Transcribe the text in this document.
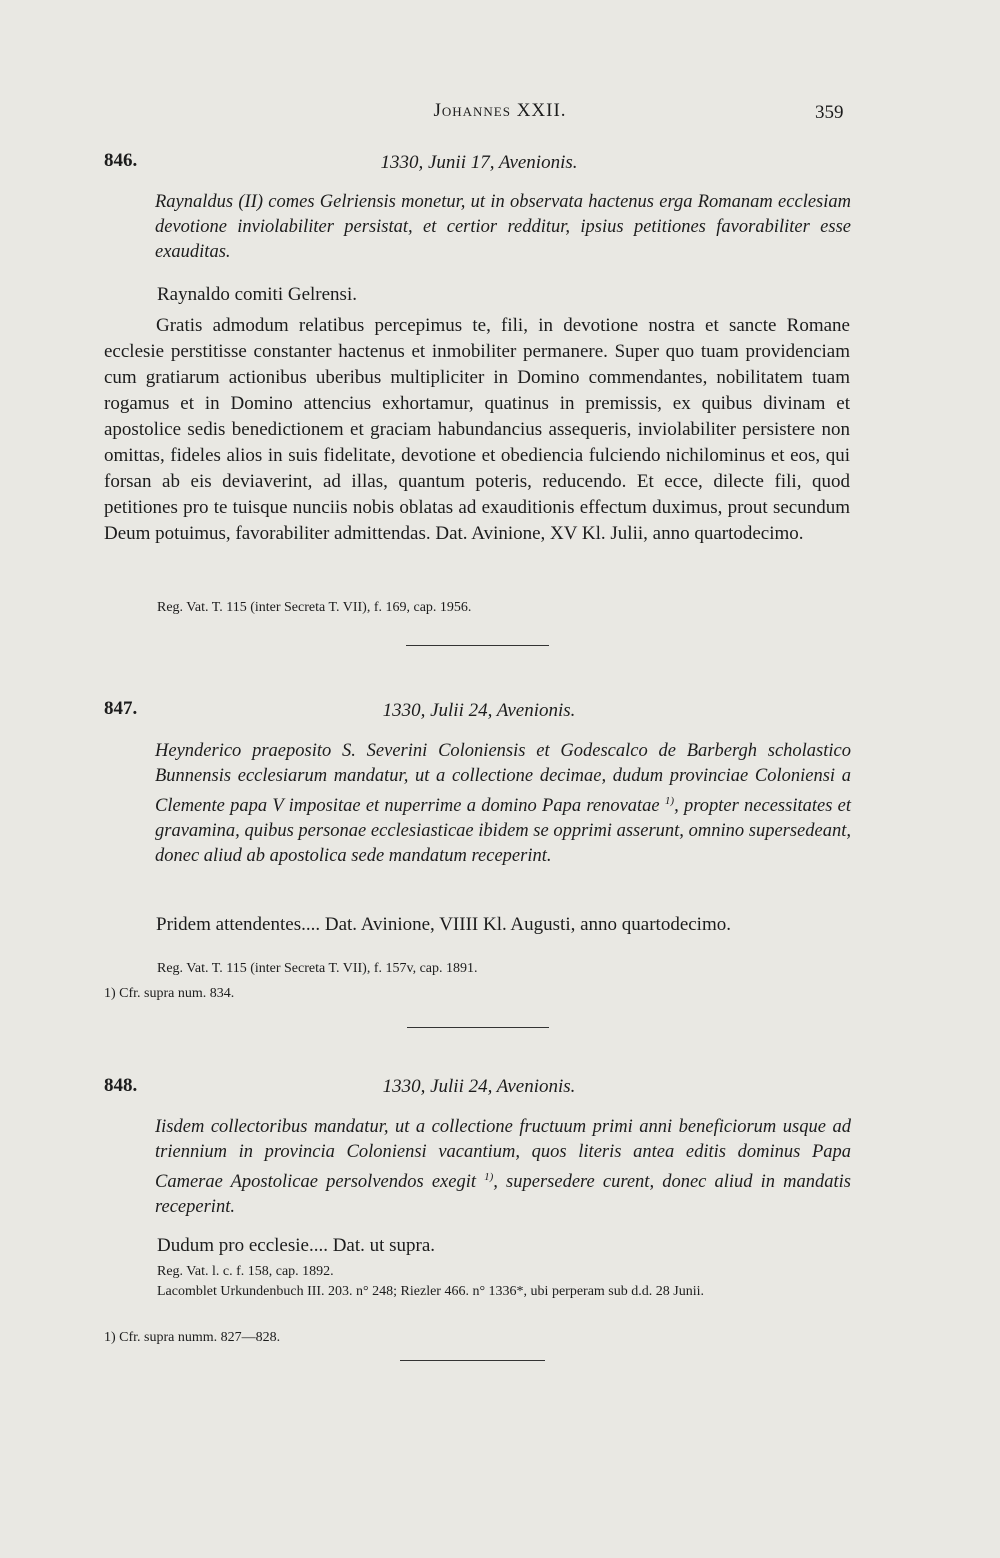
Johannes XXII.	359
846.	1330, Junii 17, Avenionis.

Raynaldus (II) comes Gelriensis monetur, ut in observata hactenus erga Romanam ecclesiam devotione inviolabiliter persistat, et certior redditur, ipsius petitiones favorabiliter esse exauditas.

Raynaldo comiti Gelrensi.

Gratis admodum relatibus percepimus te, fili, in devotione nostra et sancte Romane ecclesie perstitisse constanter hactenus et inmobiliter permanere. Super quo tuam providenciam cum gratiarum actionibus uberibus multipliciter in Domino commendantes, nobilitatem tuam rogamus et in Domino attencius exhortamur, quatinus in premissis, ex quibus divinam et apostolice sedis benedictionem et graciam habundancius assequeris, inviolabiliter persistere non omittas, fideles alios in suis fidelitate, devotione et obediencia fulciendo nichilominus et eos, qui forsan ab eis deviaverint, ad illas, quantum poteris, reducendo. Et ecce, dilecte fili, quod petitiones pro te tuisque nunciis nobis oblatas ad exauditionis effectum duximus, prout secundum Deum potuimus, favorabiliter admittendas. Dat. Avinione, XV Kl. Julii, anno quartodecimo.

Reg. Vat. T. 115 (inter Secreta T. VII), f. 169, cap. 1956.

847.	1330, Julii 24, Avenionis.

Heynderico praeposito S. Severini Coloniensis et Godescalco de Barbergh scholastico Bunnensis ecclesiarum mandatur, ut a collectione decimae, dudum provinciae Coloniensi a Clemente papa V impositae et nuperrime a domino Papa renovatae $^{1)}$, propter necessitates et gravamina, quibus personae ecclesiasticae ibidem se opprimi asserunt, omnino supersedeant, donec aliud ab apostolica sede mandatum receperint.

Pridem attendentes.... Dat. Avinione, VIIII Kl. Augusti, anno quartodecimo.

Reg. Vat. T. 115 (inter Secreta T. VII), f. 157v, cap. 1891.

1) Cfr. supra num. 834.
848.	1330, Julii 24, Avenionis.

Iisdem collectoribus mandatur, ut a collectione fructuum primi anni beneficiorum usque ad triennium in provincia Coloniensi vacantium, quos literis antea editis dominus Papa Camerae Apostolicae persolvendos exegit $^{1)}$, supersedere curent, donec aliud in mandatis receperint.

Dudum pro ecclesie.... Dat. ut supra.
Reg. Vat. l. c. f. 158, cap. 1892.
Lacomblet Urkundenbuch III. 203. n° 248; Riezler 466. n° 1336*, ubi perperam sub d.d. 28 Junii.
1) Cfr. supra numm. 827—828.
